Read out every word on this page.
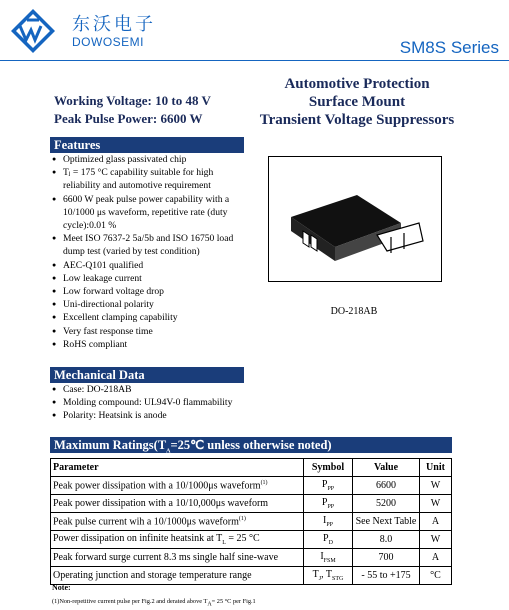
东沃电子
DOWOSEMI	SM8S Series
Working Voltage: 10 to 48 V
Peak Pulse Power: 6600 W
Automotive Protection
Surface Mount
Transient Voltage Suppressors
Features
● Optimized glass passivated chip
● Tⱼ = 175 °C capability suitable for high reliability and automotive requirement
● 6600 W peak pulse power capability with a 10/1000 μs waveform, repetitive rate (duty cycle):0.01 %
● Meet ISO 7637-2 5a/5b and ISO 16750 load dump test (varied by test condition)
● AEC-Q101 qualified
● Low leakage current
● Low forward voltage drop
● Uni-directional polarity
● Excellent clamping capability
● Very fast response time
● RoHS compliant
DO-218AB
Mechanical Data
● Case: DO-218AB
● Molding compound: UL94V-0 flammability
● Polarity: Heatsink is anode
Maximum $Ratings(T_A=25℃$ unless otherwise noted)
Parameter	Symbol	Value	Unit
Peak power dissipation with a 10/1000μs waveform$^{(1)}$	$P_{PP}$	6600	W
Peak power dissipation with a 10/10,000μs waveform	$P_{PP}$	5200	W
Peak pulse current wih a 10/1000μs waveform$^{(1)}$	$I_{PP}$	See Next Table	A
Power dissipation on infinite heatsink at $T_L = 25$ °C	$P_D$	8.0	W
Peak forward surge current 8.3 ms single half sine-wave	$I_{FSM}$	700	A
Operating junction and storage temperature range	$T_J$, $T_{STG}$	- 55 to +175	°C
Note:
(1)Non-repetitive current pulse per Fig.2 and derated above $T_A= 25$ °C per Fig.1
